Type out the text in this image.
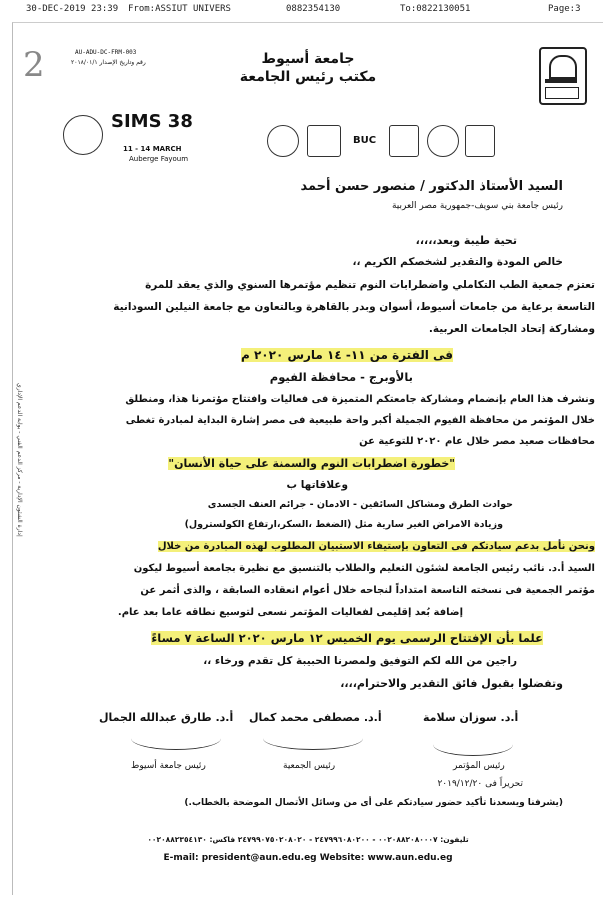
30-DEC-2019 23:39 From:ASSIUT UNIVERS	0882354130	To:0822130051	Page:3
AU-ADU-DC-FRM-003
رقم وتاريخ الإصدار ٢٠١٨/٠١/١
2	جامعة أسيوط
مكتب رئيس الجامعة
SIMS 38
11 - 14 MARCH
Auberge Fayoum
BUC
السيد الأستاذ الدكتور / منصور حسن أحمد
رئيس جامعة بني سويف-جمهورية مصر العربية
تحية طيبة وبعد،،،،،
خالص المودة والتقدير لشخصكم الكريم ،،
تعتزم جمعية الطب التكاملي واضطرابات النوم تنظيم مؤتمرها السنوي والذي يعقد للمرة
التاسعة برعاية من جامعات أسيوط، أسوان وبدر بالقاهرة وبالتعاون مع جامعة النيلين السودانية
ومشاركة إتحاد الجامعات العربية.
فى الفترة من ١١- ١٤ مارس ٢٠٢٠ م
بالأوبرج - محافظة الفيوم
ونشرف هذا العام بإنضمام ومشاركة جامعتكم المتميزة فى فعاليات وافتتاح مؤتمرنا هذا، ومنطلق
خلال المؤتمر من محافظة الفيوم الجميلة أكبر واحة طبيعية فى مصر إشارة البداية لمبادرة تغطى
محافظات صعيد مصر خلال عام ٢٠٢٠ للتوعية عن
"خطورة اضطرابات النوم والسمنة على حياة الأنسان"
وعلاقاتها ب
حوادث الطرق ومشاكل السائقين - الادمان - جرائم العنف الجسدى
وزيادة الامراض الغير سارية مثل (الضغط ،السكر،ارتفاع الكولسترول)
ونحن نأمل بدعم سيادتكم فى التعاون بإستيفاء الاستبيان المطلوب لهذه المبادرة من خلال
السيد أ.د. نائب رئيس الجامعة لشئون التعليم والطلاب بالتنسيق مع نظيرة بجامعة أسيوط ليكون
مؤتمر الجمعية فى نسخته التاسعة امتداداً لنجاحه خلال أعوام انعقاده السابقة ، والذى أثمر عن
إضافة بُعد إقليمى لفعاليات المؤتمر نسعى لتوسيع نطاقه عاما بعد عام.
علما بأن الإفتتاح الرسمى يوم الخميس ١٢ مارس ٢٠٢٠ الساعة ٧ مساءً
راجين من الله لكم التوفيق ولمصرنا الحبيبة كل تقدم ورخاء ،،
وتفضلوا بقبول فائق التقدير والاحترام،،،،
أ.د. طارق عبدالله الجمال أ.د. مصطفى محمد كمال	أ.د. سوزان سلامة
رئيس جامعة أسيوط	رئيس الجمعية	رئيس المؤتمر
تحريراً فى ٢٠١٩/١٢/٢٠
(يشرفنا ويسعدنا تأكيد حضور سيادتكم على أى من وسائل الأتصال الموضحة بالخطاب.)
إدارة الشئون الإدارية - مركز الدعم الفني - بوابة الدعم الإداري
تليفون: ٠٠٢٠٨٨٢٠٨٠٠٠٧ - ٢٤٧٩٩٦٠٨٠٢٠٠ - ٢٤٧٩٩٠٧٥٠٢٠٨٠٢٠ فاكس: ٠٠٢٠٨٨٢٣٥٤١٣٠
E-mail: president@aun.edu.eg Website: www.aun.edu.eg
